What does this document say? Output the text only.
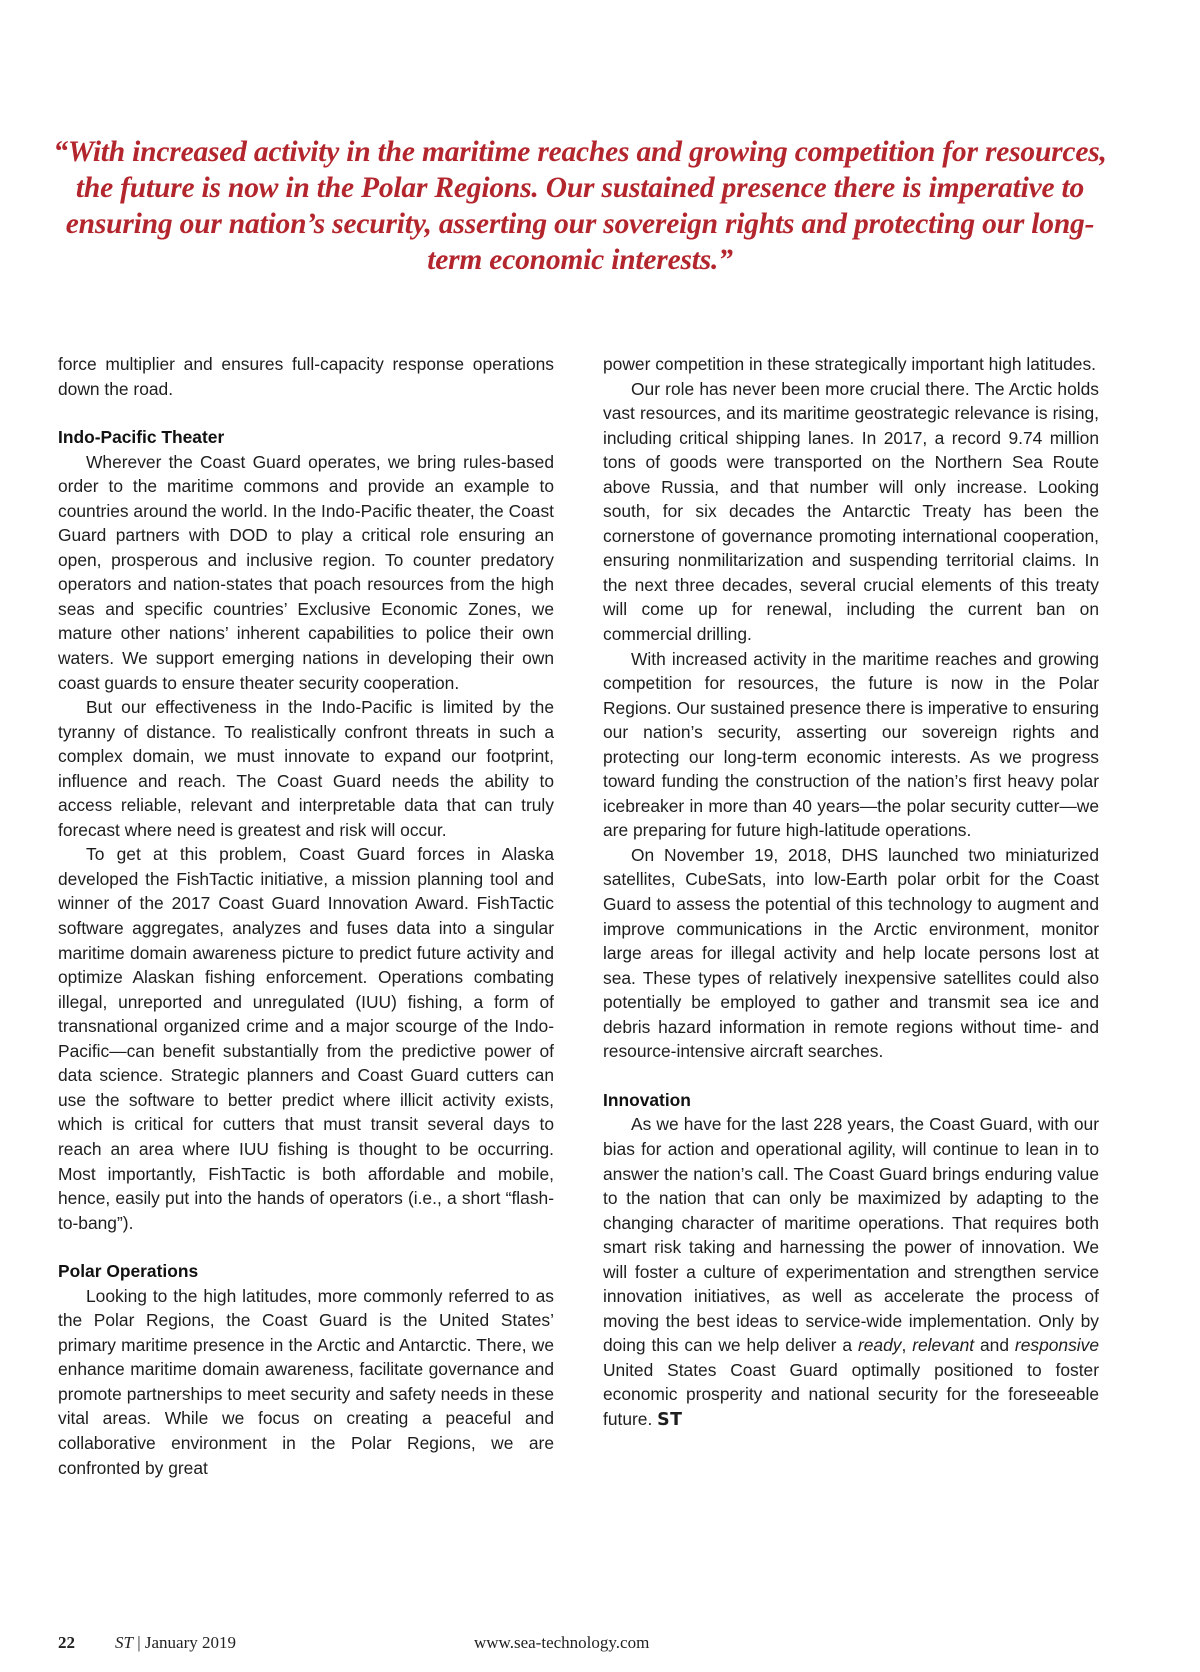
“With increased activity in the maritime reaches and growing competition for resources, the future is now in the Polar Regions. Our sustained presence there is imperative to ensuring our nation’s security, asserting our sovereign rights and protecting our long-term economic interests.”

force multiplier and ensures full-capacity response operations down the road.

Indo-Pacific Theater

Wherever the Coast Guard operates, we bring rules-based order to the maritime commons and provide an example to countries around the world. In the Indo-Pacific theater, the Coast Guard partners with DOD to play a critical role ensuring an open, prosperous and inclusive region. To counter predatory operators and nation-states that poach resources from the high seas and specific countries’ Exclusive Economic Zones, we mature other nations’ inherent capabilities to police their own waters. We support emerging nations in developing their own coast guards to ensure theater security cooperation.

But our effectiveness in the Indo-Pacific is limited by the tyranny of distance. To realistically confront threats in such a complex domain, we must innovate to expand our footprint, influence and reach. The Coast Guard needs the ability to access reliable, relevant and interpretable data that can truly forecast where need is greatest and risk will occur.

To get at this problem, Coast Guard forces in Alaska developed the FishTactic initiative, a mission planning tool and winner of the 2017 Coast Guard Innovation Award. FishTactic software aggregates, analyzes and fuses data into a singular maritime domain awareness picture to predict future activity and optimize Alaskan fishing enforcement. Operations combating illegal, unreported and unregulated (IUU) fishing, a form of transnational organized crime and a major scourge of the Indo-Pacific—can benefit substantially from the predictive power of data science. Strategic planners and Coast Guard cutters can use the software to better predict where illicit activity exists, which is critical for cutters that must transit several days to reach an area where IUU fishing is thought to be occurring. Most importantly, FishTactic is both affordable and mobile, hence, easily put into the hands of operators (i.e., a short “flash-to-bang”).

Polar Operations

Looking to the high latitudes, more commonly referred to as the Polar Regions, the Coast Guard is the United States’ primary maritime presence in the Arctic and Antarctic. There, we enhance maritime domain awareness, facilitate governance and promote partnerships to meet security and safety needs in these vital areas. While we focus on creating a peaceful and collaborative environment in the Polar Regions, we are confronted by great

power competition in these strategically important high latitudes.

Our role has never been more crucial there. The Arctic holds vast resources, and its maritime geostrategic relevance is rising, including critical shipping lanes. In 2017, a record 9.74 million tons of goods were transported on the Northern Sea Route above Russia, and that number will only increase. Looking south, for six decades the Antarctic Treaty has been the cornerstone of governance promoting international cooperation, ensuring nonmilitarization and suspending territorial claims. In the next three decades, several crucial elements of this treaty will come up for renewal, including the current ban on commercial drilling.

With increased activity in the maritime reaches and growing competition for resources, the future is now in the Polar Regions. Our sustained presence there is imperative to ensuring our nation’s security, asserting our sovereign rights and protecting our long-term economic interests. As we progress toward funding the construction of the nation’s first heavy polar icebreaker in more than 40 years—the polar security cutter—we are preparing for future high-latitude operations.

On November 19, 2018, DHS launched two miniaturized satellites, CubeSats, into low-Earth polar orbit for the Coast Guard to assess the potential of this technology to augment and improve communications in the Arctic environment, monitor large areas for illegal activity and help locate persons lost at sea. These types of relatively inexpensive satellites could also potentially be employed to gather and transmit sea ice and debris hazard information in remote regions without time- and resource-intensive aircraft searches.

Innovation

As we have for the last 228 years, the Coast Guard, with our bias for action and operational agility, will continue to lean in to answer the nation’s call. The Coast Guard brings enduring value to the nation that can only be maximized by adapting to the changing character of maritime operations. That requires both smart risk taking and harnessing the power of innovation. We will foster a culture of experimentation and strengthen service innovation initiatives, as well as accelerate the process of moving the best ideas to service-wide implementation. Only by doing this can we help deliver a ready, relevant and responsive United States Coast Guard optimally positioned to foster economic prosperity and national security for the foreseeable future. ST

22 ST | January 2019	www.sea-technology.com
